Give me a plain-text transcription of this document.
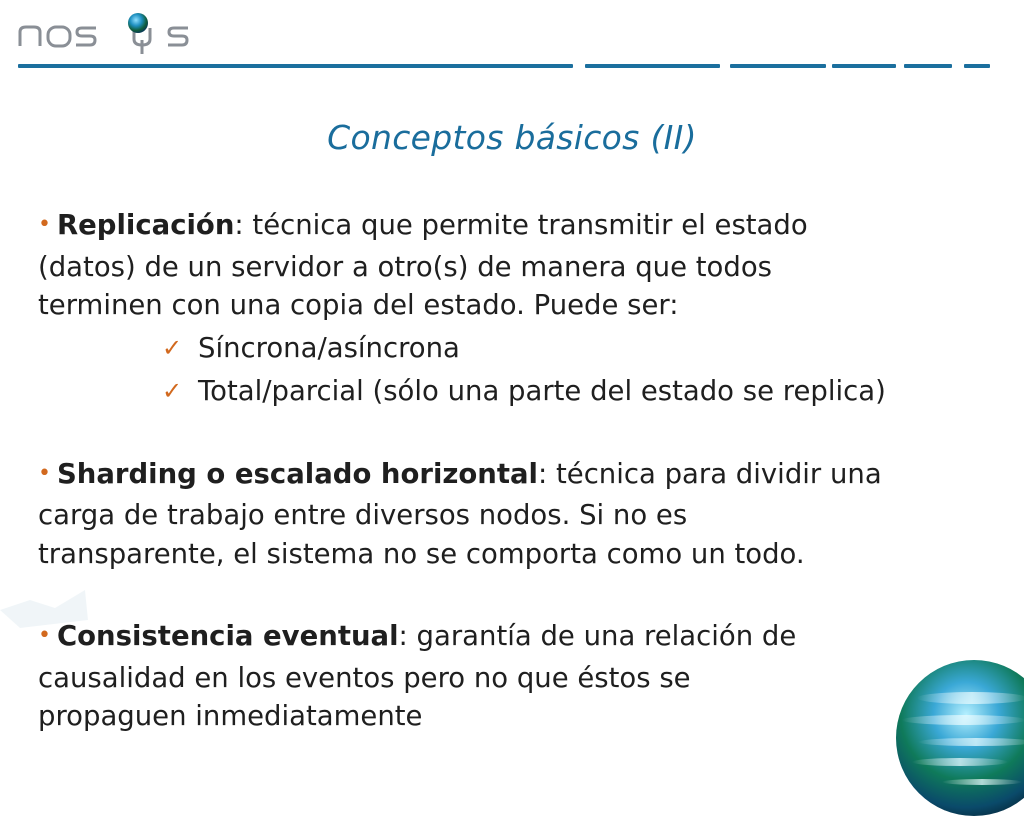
Conceptos básicos (II)

• Replicación: técnica que permite transmitir el estado
(datos) de un servidor a otro(s) de manera que todos
terminen con una copia del estado. Puede ser:

✓ Síncrona/asíncrona
✓ Total/parcial (sólo una parte del estado se replica)

• Sharding o escalado horizontal: técnica para dividir una
carga de trabajo entre diversos nodos. Si no es
transparente, el sistema no se comporta como un todo.

• Consistencia eventual: garantía de una relación de
causalidad en los eventos pero no que éstos se
propaguen inmediatamente
